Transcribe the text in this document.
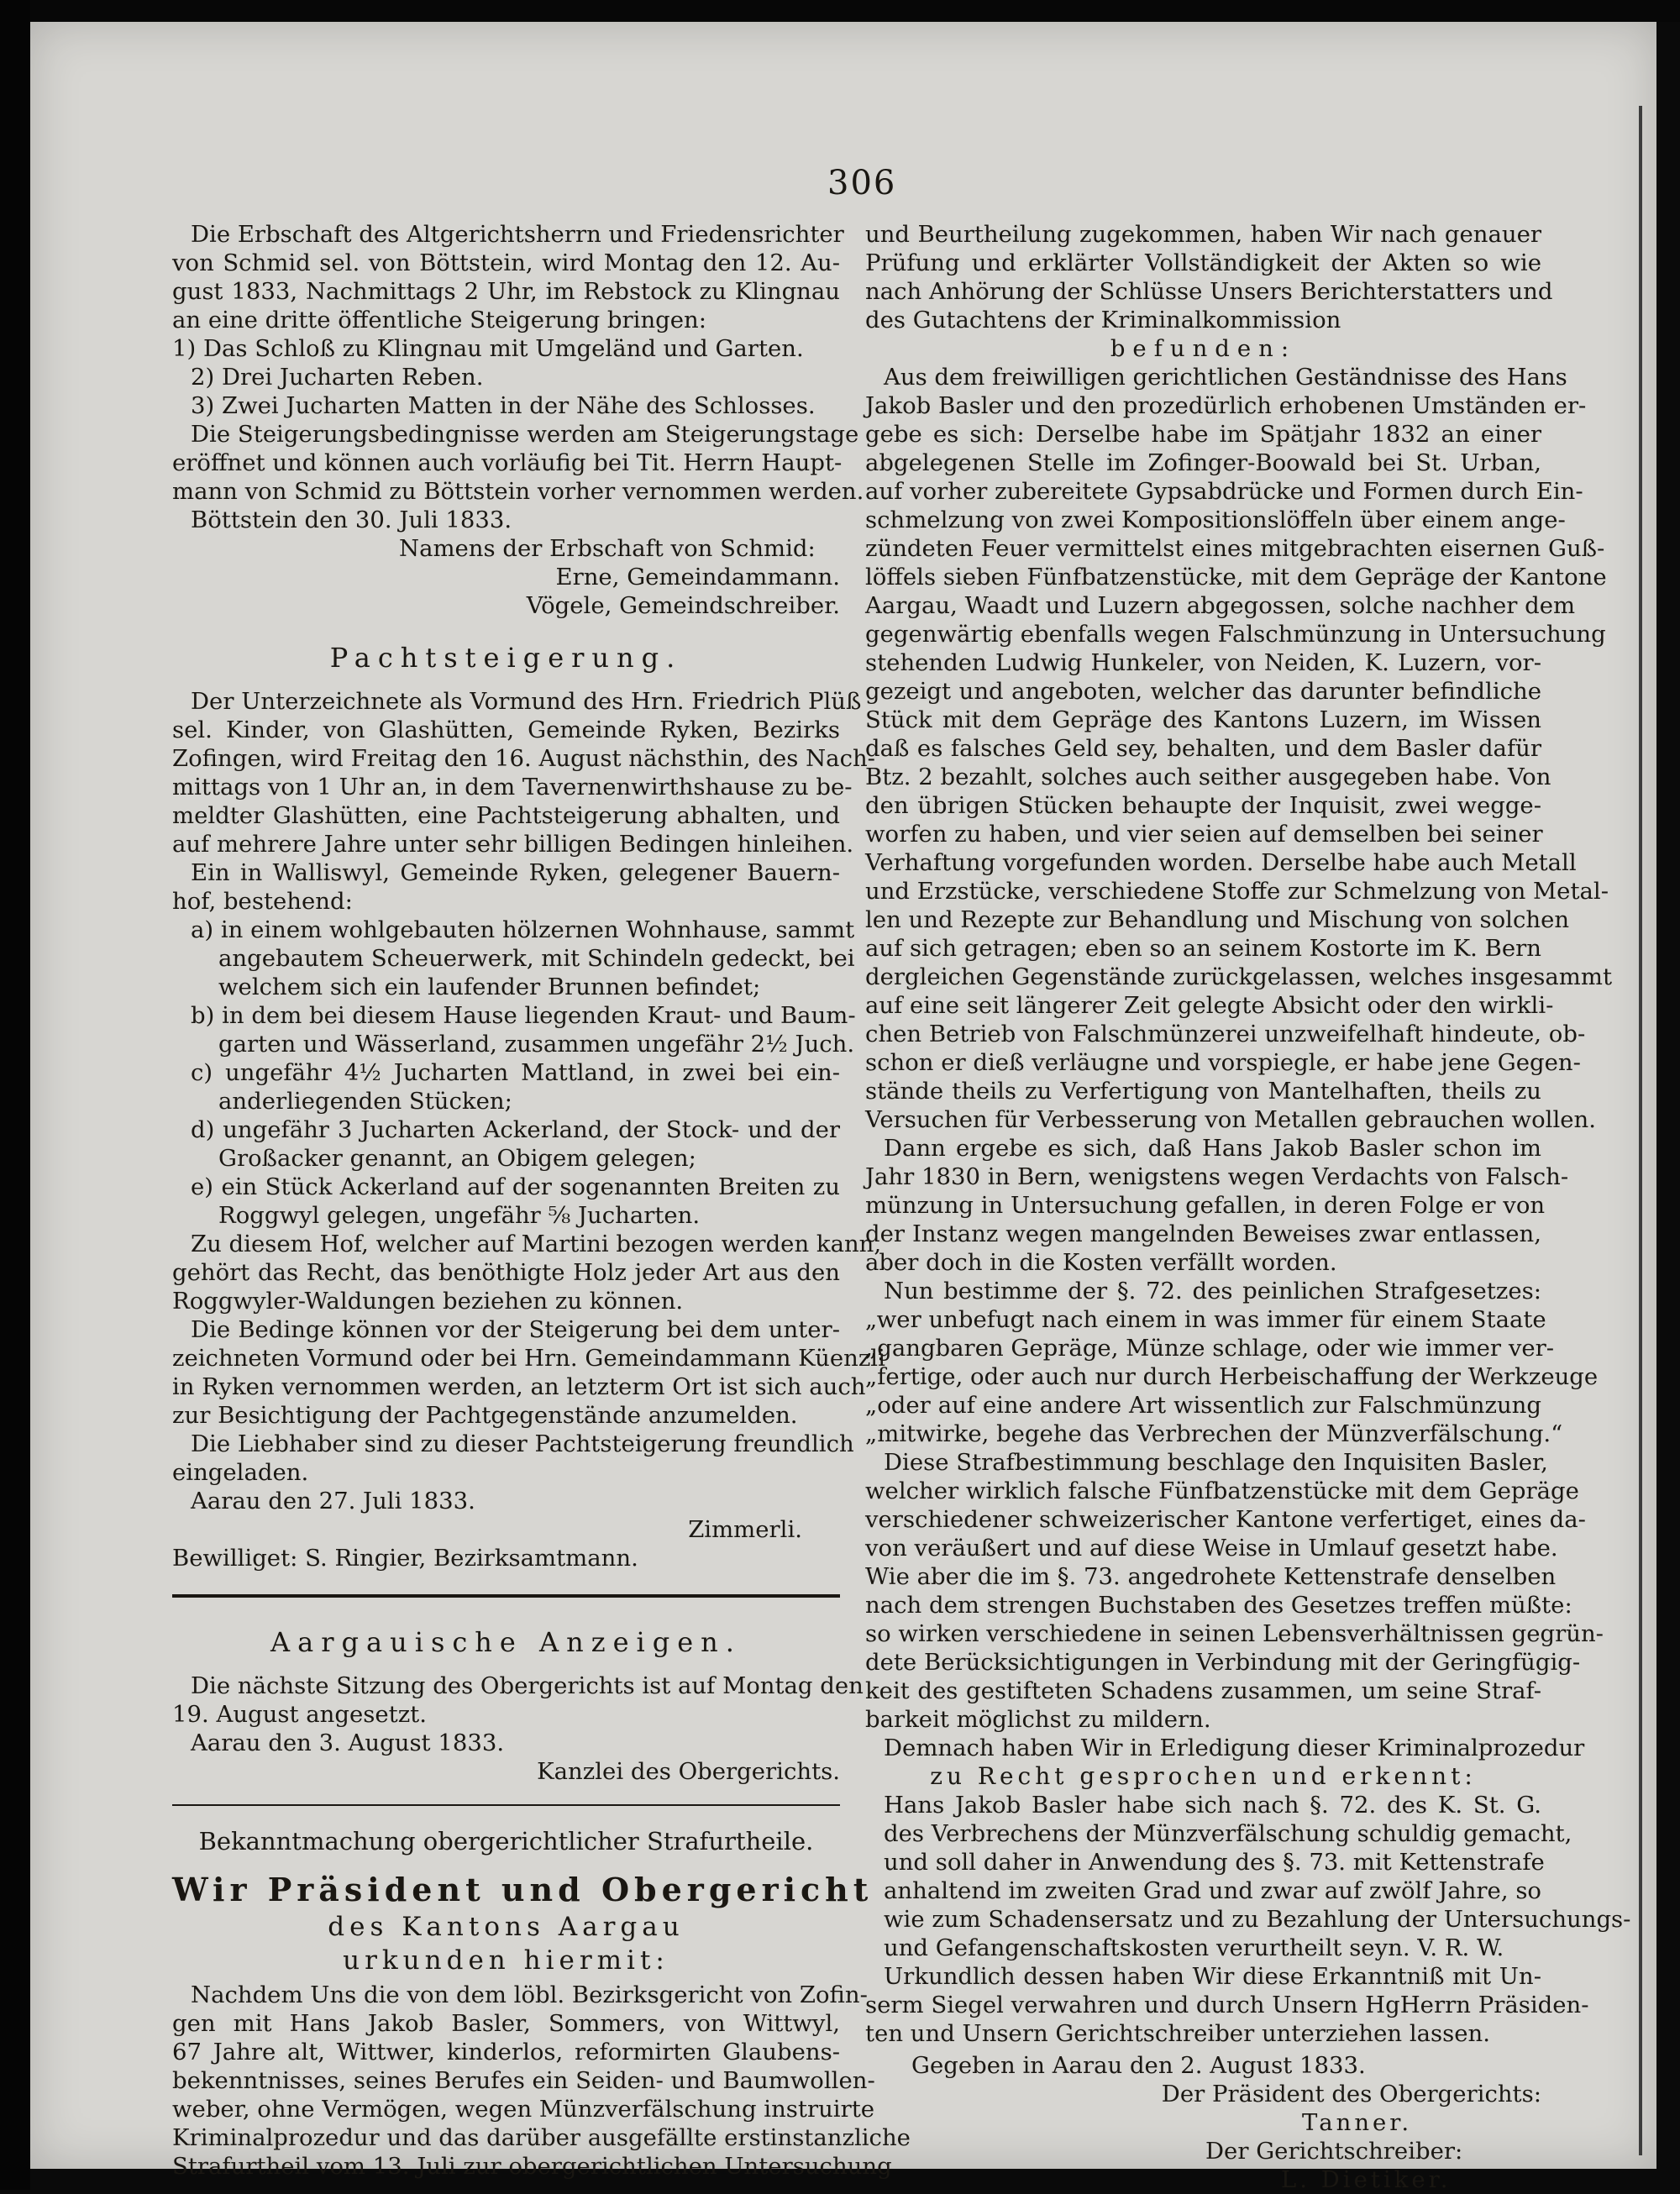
306
Die Erbschaft des Altgerichtsherrn und Friedensrichter
von Schmid sel. von Böttstein, wird Montag den 12. Au-
gust 1833, Nachmittags 2 Uhr, im Rebstock zu Klingnau
an eine dritte öffentliche Steigerung bringen:
1) Das Schloß zu Klingnau mit Umgeländ und Garten.
2) Drei Jucharten Reben.
3) Zwei Jucharten Matten in der Nähe des Schlosses.
Die Steigerungsbedingnisse werden am Steigerungstage
eröffnet und können auch vorläufig bei Tit. Herrn Haupt-
mann von Schmid zu Böttstein vorher vernommen werden.
Böttstein den 30. Juli 1833.
Namens der Erbschaft von Schmid:
Erne, Gemeindammann.
Vögele, Gemeindschreiber.
Pachtsteigerung.
Der Unterzeichnete als Vormund des Hrn. Friedrich Plüß
sel. Kinder, von Glashütten, Gemeinde Ryken, Bezirks
Zofingen, wird Freitag den 16. August nächsthin, des Nach-
mittags von 1 Uhr an, in dem Tavernenwirthshause zu be-
meldter Glashütten, eine Pachtsteigerung abhalten, und
auf mehrere Jahre unter sehr billigen Bedingen hinleihen.
Ein in Walliswyl, Gemeinde Ryken, gelegener Bauern-
hof, bestehend:
a) in einem wohlgebauten hölzernen Wohnhause, sammt
angebautem Scheuerwerk, mit Schindeln gedeckt, bei
welchem sich ein laufender Brunnen befindet;
b) in dem bei diesem Hause liegenden Kraut- und Baum-
garten und Wässerland, zusammen ungefähr 2½ Juch.
c) ungefähr 4½ Jucharten Mattland, in zwei bei ein-
anderliegenden Stücken;
d) ungefähr 3 Jucharten Ackerland, der Stock- und der
Großacker genannt, an Obigem gelegen;
e) ein Stück Ackerland auf der sogenannten Breiten zu
Roggwyl gelegen, ungefähr ⅝ Jucharten.
Zu diesem Hof, welcher auf Martini bezogen werden kann,
gehört das Recht, das benöthigte Holz jeder Art aus den
Roggwyler-Waldungen beziehen zu können.
Die Bedinge können vor der Steigerung bei dem unter-
zeichneten Vormund oder bei Hrn. Gemeindammann Küenzli
in Ryken vernommen werden, an letzterm Ort ist sich auch
zur Besichtigung der Pachtgegenstände anzumelden.
Die Liebhaber sind zu dieser Pachtsteigerung freundlich
eingeladen.
Aarau den 27. Juli 1833.
Zimmerli.
Bewilliget: S. Ringier, Bezirksamtmann.
Aargauische Anzeigen.
Die nächste Sitzung des Obergerichts ist auf Montag den
19. August angesetzt.
Aarau den 3. August 1833.
Kanzlei des Obergerichts.
Bekanntmachung obergerichtlicher Strafurtheile.
Wir Präsident und Obergericht
des Kantons Aargau
urkunden hiermit:
Nachdem Uns die von dem löbl. Bezirksgericht von Zofin-
gen mit Hans Jakob Basler, Sommers, von Wittwyl,
67 Jahre alt, Wittwer, kinderlos, reformirten Glaubens-
bekenntnisses, seines Berufes ein Seiden- und Baumwollen-
weber, ohne Vermögen, wegen Münzverfälschung instruirte
Kriminalprozedur und das darüber ausgefällte erstinstanzliche
Strafurtheil vom 13. Juli zur obergerichtlichen Untersuchung
und Beurtheilung zugekommen, haben Wir nach genauer
Prüfung und erklärter Vollständigkeit der Akten so wie
nach Anhörung der Schlüsse Unsers Berichterstatters und
des Gutachtens der Kriminalkommission
befunden:
Aus dem freiwilligen gerichtlichen Geständnisse des Hans
Jakob Basler und den prozedürlich erhobenen Umständen er-
gebe es sich: Derselbe habe im Spätjahr 1832 an einer
abgelegenen Stelle im Zofinger-Boowald bei St. Urban,
auf vorher zubereitete Gypsabdrücke und Formen durch Ein-
schmelzung von zwei Kompositionslöffeln über einem ange-
zündeten Feuer vermittelst eines mitgebrachten eisernen Guß-
löffels sieben Fünfbatzenstücke, mit dem Gepräge der Kantone
Aargau, Waadt und Luzern abgegossen, solche nachher dem
gegenwärtig ebenfalls wegen Falschmünzung in Untersuchung
stehenden Ludwig Hunkeler, von Neiden, K. Luzern, vor-
gezeigt und angeboten, welcher das darunter befindliche
Stück mit dem Gepräge des Kantons Luzern, im Wissen
daß es falsches Geld sey, behalten, und dem Basler dafür
Btz. 2 bezahlt, solches auch seither ausgegeben habe. Von
den übrigen Stücken behaupte der Inquisit, zwei wegge-
worfen zu haben, und vier seien auf demselben bei seiner
Verhaftung vorgefunden worden. Derselbe habe auch Metall
und Erzstücke, verschiedene Stoffe zur Schmelzung von Metal-
len und Rezepte zur Behandlung und Mischung von solchen
auf sich getragen; eben so an seinem Kostorte im K. Bern
dergleichen Gegenstände zurückgelassen, welches insgesammt
auf eine seit längerer Zeit gelegte Absicht oder den wirkli-
chen Betrieb von Falschmünzerei unzweifelhaft hindeute, ob-
schon er dieß verläugne und vorspiegle, er habe jene Gegen-
stände theils zu Verfertigung von Mantelhaften, theils zu
Versuchen für Verbesserung von Metallen gebrauchen wollen.
Dann ergebe es sich, daß Hans Jakob Basler schon im
Jahr 1830 in Bern, wenigstens wegen Verdachts von Falsch-
münzung in Untersuchung gefallen, in deren Folge er von
der Instanz wegen mangelnden Beweises zwar entlassen,
aber doch in die Kosten verfällt worden.
Nun bestimme der §. 72. des peinlichen Strafgesetzes:
„wer unbefugt nach einem in was immer für einem Staate
„gangbaren Gepräge, Münze schlage, oder wie immer ver-
„fertige, oder auch nur durch Herbeischaffung der Werkzeuge
„oder auf eine andere Art wissentlich zur Falschmünzung
„mitwirke, begehe das Verbrechen der Münzverfälschung.“
Diese Strafbestimmung beschlage den Inquisiten Basler,
welcher wirklich falsche Fünfbatzenstücke mit dem Gepräge
verschiedener schweizerischer Kantone verfertiget, eines da-
von veräußert und auf diese Weise in Umlauf gesetzt habe.
Wie aber die im §. 73. angedrohete Kettenstrafe denselben
nach dem strengen Buchstaben des Gesetzes treffen müßte:
so wirken verschiedene in seinen Lebensverhältnissen gegrün-
dete Berücksichtigungen in Verbindung mit der Geringfügig-
keit des gestifteten Schadens zusammen, um seine Straf-
barkeit möglichst zu mildern.
Demnach haben Wir in Erledigung dieser Kriminalprozedur
zu Recht gesprochen und erkennt:
Hans Jakob Basler habe sich nach §. 72. des K. St. G.
des Verbrechens der Münzverfälschung schuldig gemacht,
und soll daher in Anwendung des §. 73. mit Kettenstrafe
anhaltend im zweiten Grad und zwar auf zwölf Jahre, so
wie zum Schadensersatz und zu Bezahlung der Untersuchungs-
und Gefangenschaftskosten verurtheilt seyn. V. R. W.
Urkundlich dessen haben Wir diese Erkanntniß mit Un-
serm Siegel verwahren und durch Unsern HgHerrn Präsiden-
ten und Unsern Gerichtschreiber unterziehen lassen.
Gegeben in Aarau den 2. August 1833.
Der Präsident des Obergerichts:
Tanner.
Der Gerichtschreiber:
L. Dietiker.
